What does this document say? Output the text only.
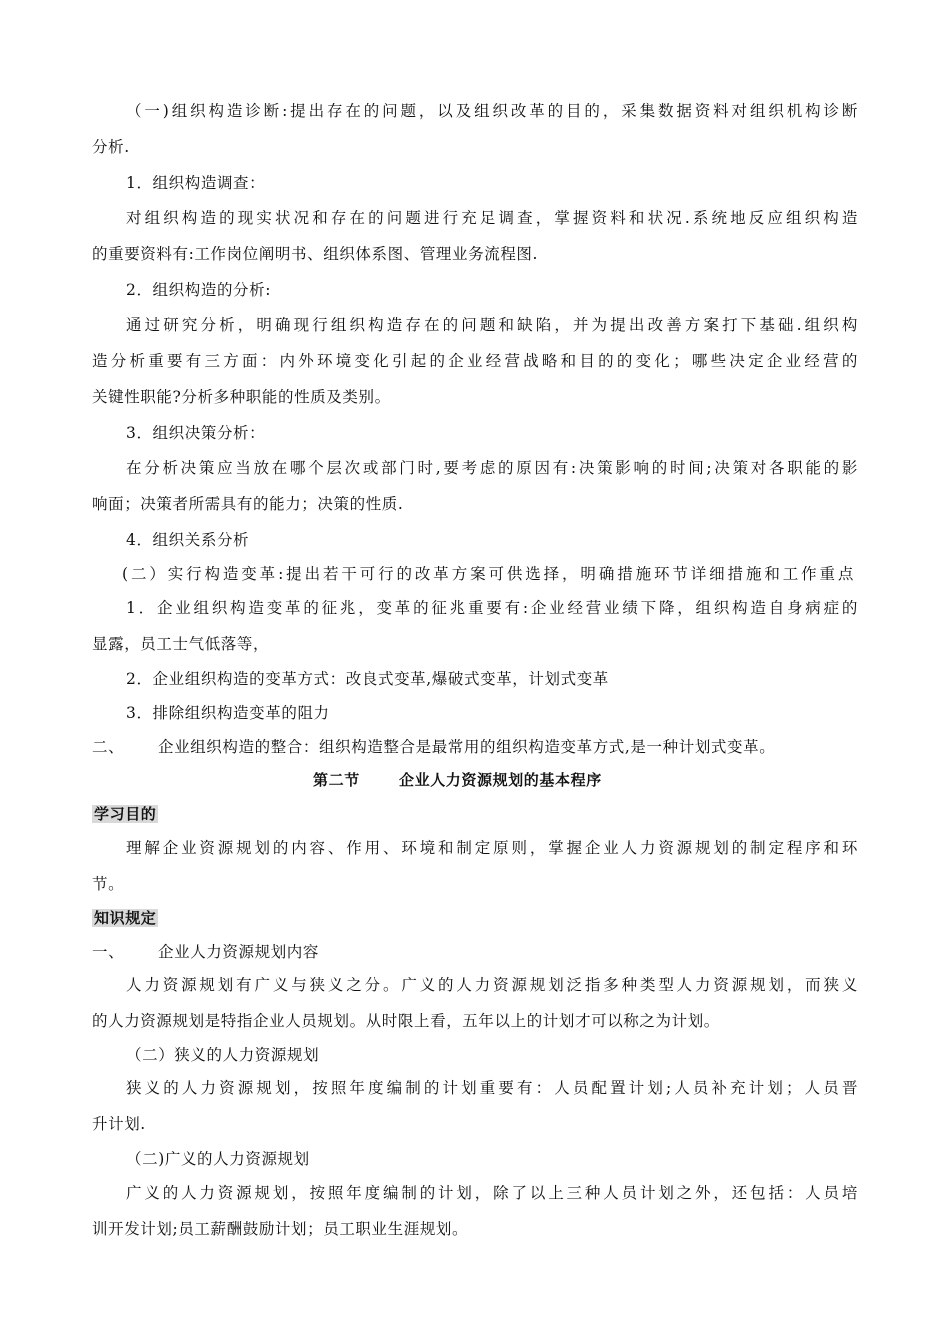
（一)组织构造诊断:提出存在的问题，以及组织改革的目的，采集数据资料对组织机构诊断
分析.
1．组织构造调查：
对组织构造的现实状况和存在的问题进行充足调查，掌握资料和状况.系统地反应组织构造
的重要资料有:工作岗位阐明书、组织体系图、管理业务流程图.
2．组织构造的分析:
通过研究分析，明确现行组织构造存在的问题和缺陷，并为提出改善方案打下基础.组织构
造分析重要有三方面：内外环境变化引起的企业经营战略和目的的变化；哪些决定企业经营的
关键性职能?分析多种职能的性质及类别。
3．组织决策分析：
在分析决策应当放在哪个层次或部门时,要考虑的原因有:决策影响的时间;决策对各职能的影
响面；决策者所需具有的能力；决策的性质.
4．组织关系分析
(二）实行构造变革:提出若干可行的改革方案可供选择，明确措施环节详细措施和工作重点
1．企业组织构造变革的征兆，变革的征兆重要有:企业经营业绩下降，组织构造自身病症的
显露，员工士气低落等，
2．企业组织构造的变革方式：改良式变革,爆破式变革，计划式变革
3．排除组织构造变革的阻力
二、 企业组织构造的整合：组织构造整合是最常用的组织构造变革方式,是一种计划式变革。
第二节	企业人力资源规划的基本程序
学习目的
理解企业资源规划的内容、作用、环境和制定原则，掌握企业人力资源规划的制定程序和环
节。
知识规定
一、 企业人力资源规划内容
人力资源规划有广义与狭义之分。广义的人力资源规划泛指多种类型人力资源规划，而狭义
的人力资源规划是特指企业人员规划。从时限上看，五年以上的计划才可以称之为计划。
（二）狭义的人力资源规划
狭义的人力资源规划，按照年度编制的计划重要有：人员配置计划;人员补充计划；人员晋
升计划.
（二)广义的人力资源规划
广义的人力资源规划，按照年度编制的计划，除了以上三种人员计划之外，还包括：人员培
训开发计划;员工薪酬鼓励计划；员工职业生涯规划。
